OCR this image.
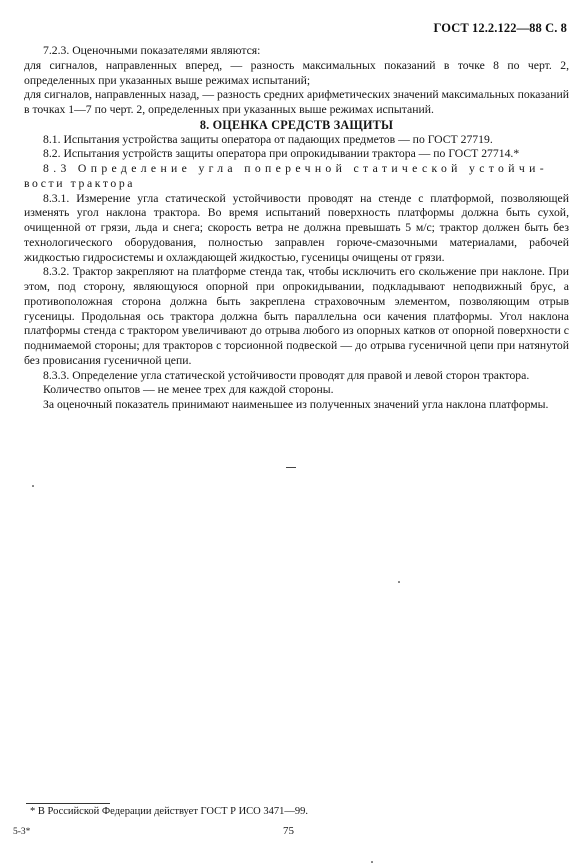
ГОСТ 12.2.122—88 С. 8

7.2.3. Оценочными показателями являются:

для сигналов, направленных вперед, — разность максимальных показаний в точке 8 по черт. 2, определенных при указанных выше режимах испытаний;

для сигналов, направленных назад, — разность средних арифметических значений максимальных показаний в точках 1—7 по черт. 2, определенных при указанных выше режимах испытаний.

8. ОЦЕНКА СРЕДСТВ ЗАЩИТЫ

8.1. Испытания устройства защиты оператора от падающих предметов — по ГОСТ 27719.

8.2. Испытания устройств защиты оператора при опрокидывании трактора — по ГОСТ 27714.*

8.3 Определение угла поперечной статической устойчи-

вости трактора

8.3.1. Измерение угла статической устойчивости проводят на стенде с платформой, позволяющей изменять угол наклона трактора. Во время испытаний поверхность платформы должна быть сухой, очищенной от грязи, льда и снега; скорость ветра не должна превышать 5 м/с; трактор должен быть без технологического оборудования, полностью заправлен горюче-смазочными материалами, рабочей жидкостью гидросистемы и охлаждающей жидкостью, гусеницы очищены от грязи.

8.3.2. Трактор закрепляют на платформе стенда так, чтобы исключить его скольжение при наклоне. При этом, под сторону, являющуюся опорной при опрокидывании, подкладывают неподвижный брус, а противоположная сторона должна быть закреплена страховочным элементом, позволяющим отрыв гусеницы. Продольная ось трактора должна быть параллельна оси качения платформы. Угол наклона платформы стенда с трактором увеличивают до отрыва любого из опорных катков от опорной поверхности с поднимаемой стороны; для тракторов с торсионной подвеской — до отрыва гусеничной цепи при натянутой без провисания гусеничной цепи.

8.3.3. Определение угла статической устойчивости проводят для правой и левой сторон трактора.

Количество опытов — не менее трех для каждой стороны.

За оценочный показатель принимают наименьшее из полученных значений угла наклона платформы.

* В Российской Федерации действует ГОСТ Р ИСО 3471—99.
5-3*	75
